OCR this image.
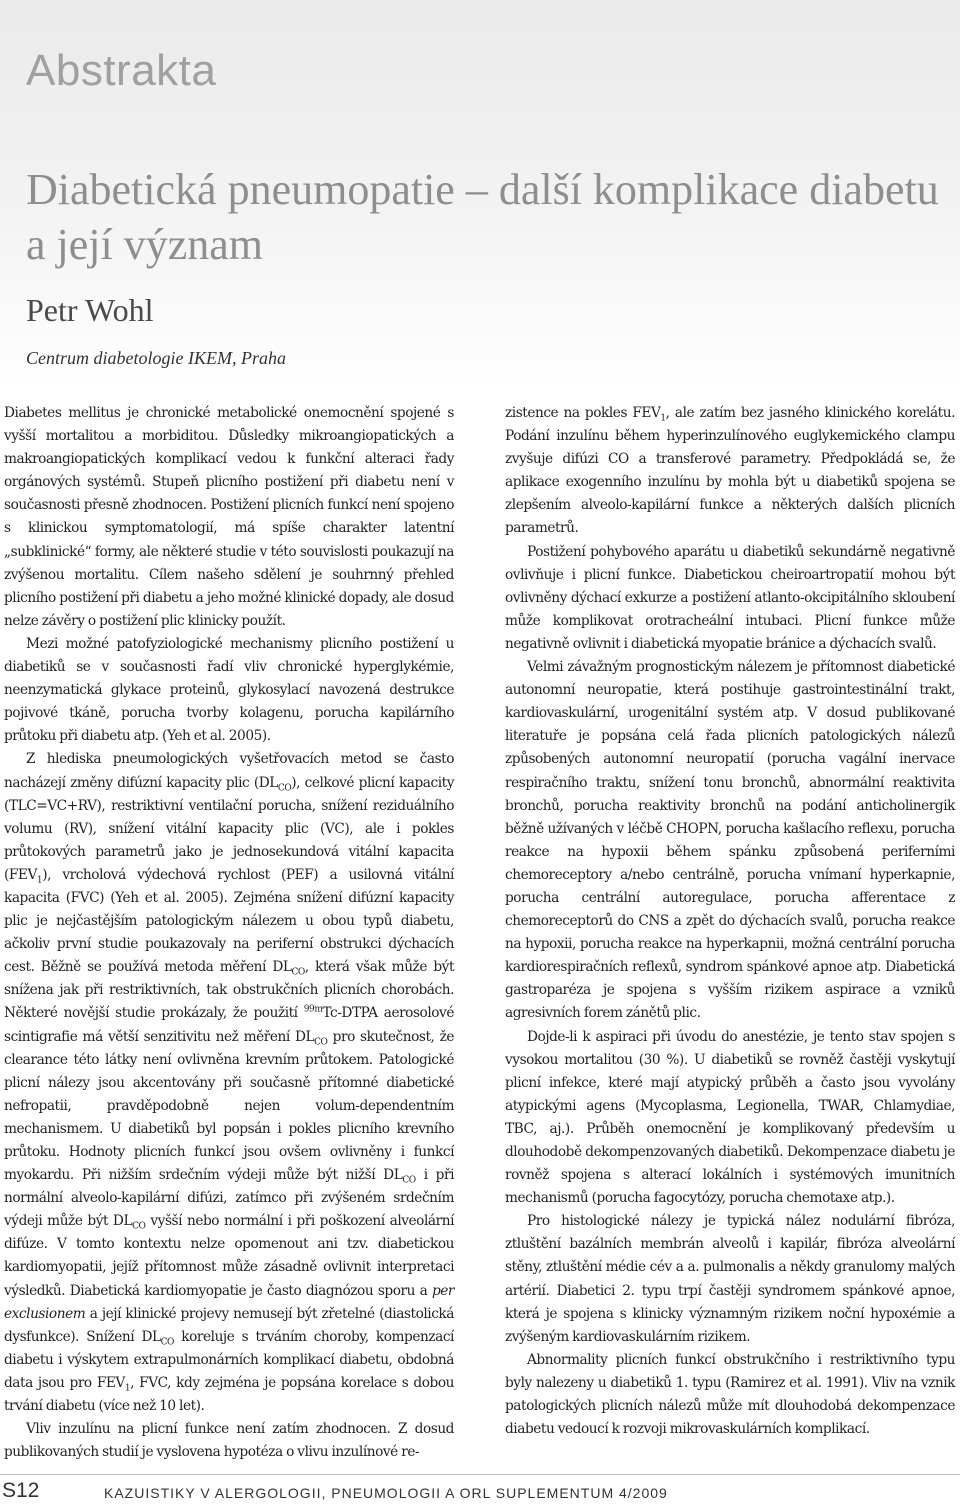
Abstrakta
Diabetická pneumopatie – další komplikace diabetu a její význam
Petr Wohl
Centrum diabetologie IKEM, Praha

Diabetes mellitus je chronické metabolické onemocnění spojené s vyšší mortalitou a morbiditou. Důsledky mikroangiopatických a makroangiopatických komplikací vedou k funkční alteraci řady orgánových systémů. Stupeň plicního postižení při diabetu není v současnosti přesně zhodnocen. Postižení plicních funkcí není spojeno s klinickou symptomatologií, má spíše charakter latentní „subklinické“ formy, ale některé studie v této souvislosti poukazují na zvýšenou mortalitu. Cílem našeho sdělení je souhrnný přehled plicního postižení při diabetu a jeho možné klinické dopady, ale dosud nelze závěry o postižení plic klinicky použít.

Mezi možné patofyziologické mechanismy plicního postižení u diabetiků se v současnosti řadí vliv chronické hyperglykémie, neenzymatická glykace proteinů, glykosylací navozená destrukce pojivové tkáně, porucha tvorby kolagenu, porucha kapilárního průtoku při diabetu atp. (Yeh et al. 2005).

Z hlediska pneumologických vyšetřovacích metod se často nacházejí změny difúzní kapacity plic $(DL_{CO})$, celkové plicní kapacity (TLC=VC+RV), restriktivní ventilační porucha, snížení reziduálního volumu (RV), snížení vitální kapacity plic (VC), ale i pokles průtokových parametrů jako je jednosekundová vitální kapacita $(FEV_1)$, vrcholová výdechová rychlost (PEF) a usilovná vitální kapacita (FVC) (Yeh et al. 2005). Zejména snížení difúzní kapacity plic je nejčastějším patologickým nálezem u obou typů diabetu, ačkoliv první studie poukazovaly na periferní obstrukci dýchacích cest. Běžně se používá metoda měření $DL_{CO}$, která však může být snížena jak při restriktivních, tak obstrukčních plicních chorobách. Některé novější studie prokázaly, že použití $^{99m}$Tc-DTPA aerosolové scintigrafie má větší senzitivitu než měření $DL_{CO}$ pro skutečnost, že clearance této látky není ovlivněna krevním průtokem. Patologické plicní nálezy jsou akcentovány při současně přítomné diabetické nefropatii, pravděpodobně nejen volum-dependentním mechanismem. U diabetiků byl popsán i pokles plicního krevního průtoku. Hodnoty plicních funkcí jsou ovšem ovlivněny i funkcí myokardu. Při nižším srdečním výdeji může být nižší $DL_{CO}$ i při normální alveolo-kapilární difúzi, zatímco při zvýšeném srdečním výdeji může být $DL_{CO}$ vyšší nebo normální i při poškození alveolární difúze. V tomto kontextu nelze opomenout ani tzv. diabetickou kardiomyopatii, jejíž přítomnost může zásadně ovlivnit interpretaci výsledků. Diabetická kardiomyopatie je často diagnózou sporu a per exclusionem a její klinické projevy nemusejí být zřetelné (diastolická dysfunkce). Snížení $DL_{CO}$ koreluje s trváním choroby, kompenzací diabetu i výskytem extrapulmonárních komplikací diabetu, obdobná data jsou pro $FEV_1$, FVC, kdy zejména je popsána korelace s dobou trvání diabetu (více než 10 let).

Vliv inzulínu na plicní funkce není zatím zhodnocen. Z dosud publikovaných studií je vyslovena hypotéza o vlivu inzulínové re-

zistence na pokles $FEV_1$, ale zatím bez jasného klinického korelátu. Podání inzulínu během hyperinzulínového euglykemického clampu zvyšuje difúzi CO a transferové parametry. Předpokládá se, že aplikace exogenního inzulínu by mohla být u diabetiků spojena se zlepšením alveolo-kapilární funkce a některých dalších plicních parametrů.

Postižení pohybového aparátu u diabetiků sekundárně negativně ovlivňuje i plicní funkce. Diabetickou cheiroartropatií mohou být ovlivněny dýchací exkurze a postižení atlanto-okcipitálního skloubení může komplikovat orotracheální intubaci. Plicní funkce může negativně ovlivnit i diabetická myopatie bránice a dýchacích svalů.

Velmi závažným prognostickým nálezem je přítomnost diabetické autonomní neuropatie, která postihuje gastrointestinální trakt, kardiovaskulární, urogenitální systém atp. V dosud publikované literatuře je popsána celá řada plicních patologických nálezů způsobených autonomní neuropatií (porucha vagální inervace respiračního traktu, snížení tonu bronchů, abnormální reaktivita bronchů, porucha reaktivity bronchů na podání anticholinergik běžně užívaných v léčbě CHOPN, porucha kašlacího reflexu, porucha reakce na hypoxii během spánku způsobená periferními chemoreceptory a/nebo centrálně, porucha vnímaní hyperkapnie, porucha centrální autoregulace, porucha afferentace z chemoreceptorů do CNS a zpět do dýchacích svalů, porucha reakce na hypoxii, porucha reakce na hyperkapnii, možná centrální porucha kardiorespiračních reflexů, syndrom spánkové apnoe atp. Diabetická gastroparéza je spojena s vyšším rizikem aspirace a vzniků agresivních forem zánětů plic.

Dojde-li k aspiraci při úvodu do anestézie, je tento stav spojen s vysokou mortalitou (30 %). U diabetiků se rovněž častěji vyskytují plicní infekce, které mají atypický průběh a často jsou vyvolány atypickými agens (Mycoplasma, Legionella, TWAR, Chlamydiae, TBC, aj.). Průběh onemocnění je komplikovaný především u dlouhodobě dekompenzovaných diabetiků. Dekompenzace diabetu je rovněž spojena s alterací lokálních i systémových imunitních mechanismů (porucha fagocytózy, porucha chemotaxe atp.).

Pro histologické nálezy je typická nález nodulární fibróza, ztluštění bazálních membrán alveolů i kapilár, fibróza alveolární stěny, ztluštění médie cév a a. pulmonalis a někdy granulomy malých artérií. Diabetici 2. typu trpí častěji syndromem spánkové apnoe, která je spojena s klinicky významným rizikem noční hypoxémie a zvýšeným kardiovaskulárním rizikem.

Abnormality plicních funkcí obstrukčního i restriktivního typu byly nalezeny u diabetiků 1. typu (Ramirez et al. 1991). Vliv na vznik patologických plicních nálezů může mít dlouhodobá dekompenzace diabetu vedoucí k rozvoji mikrovaskulárních komplikací.

S12	KAZUISTIKY V ALERGOLOGII, PNEUMOLOGII A ORL SUPLEMENTUM 4/2009
